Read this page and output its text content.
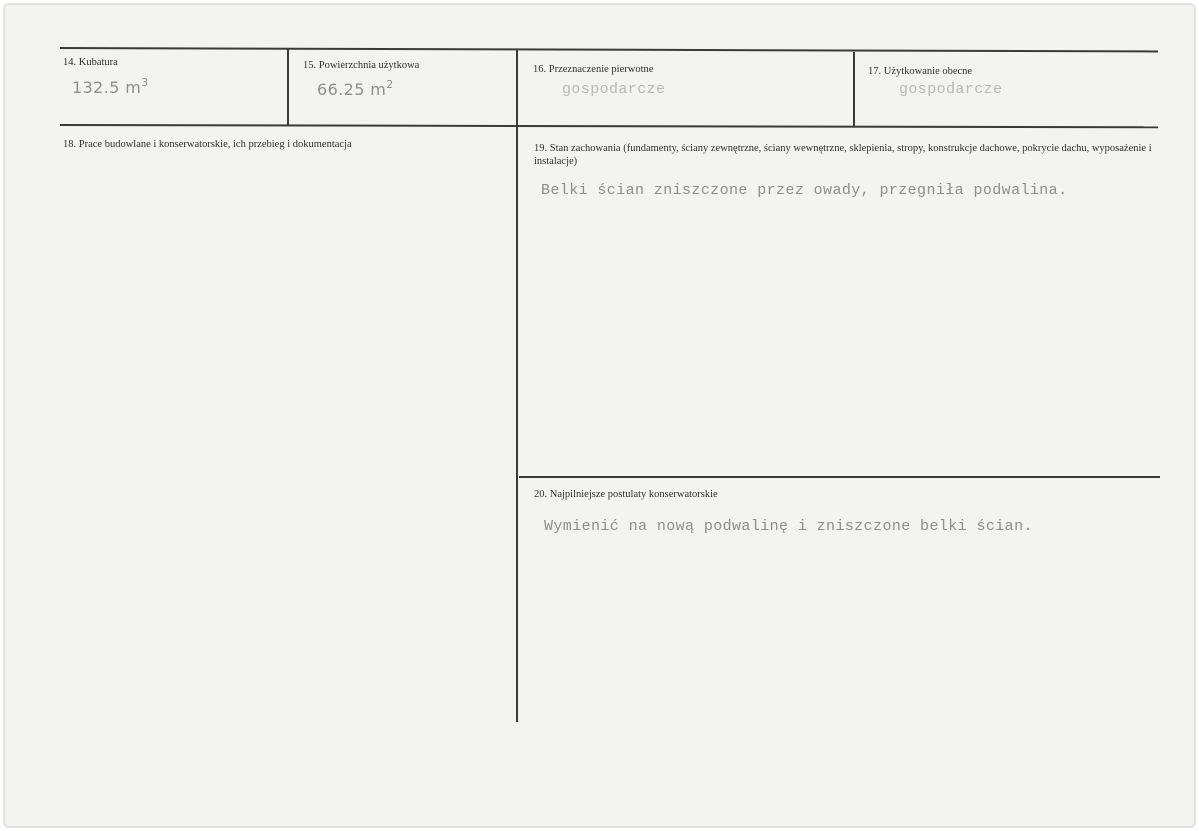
14. Kubatura
132.5 $m^3$
15. Powierzchnia użytkowa
66.25 $m^2$
16. Przeznaczenie pierwotne
gospodarcze
17. Użytkowanie obecne
gospodarcze
18. Prace budowlane i konserwatorskie, ich przebieg i dokumentacja	19. Stan zachowania (fundamenty, ściany zewnętrzne, ściany wewnętrzne, sklepienia, stropy, konstrukcje dachowe, pokrycie dachu, wyposażenie i instalacje)
Belki ścian zniszczone przez owady, przegniła podwalina.
20. Najpilniejsze postulaty konserwatorskie
Wymienić na nową podwalinę i zniszczone belki ścian.
